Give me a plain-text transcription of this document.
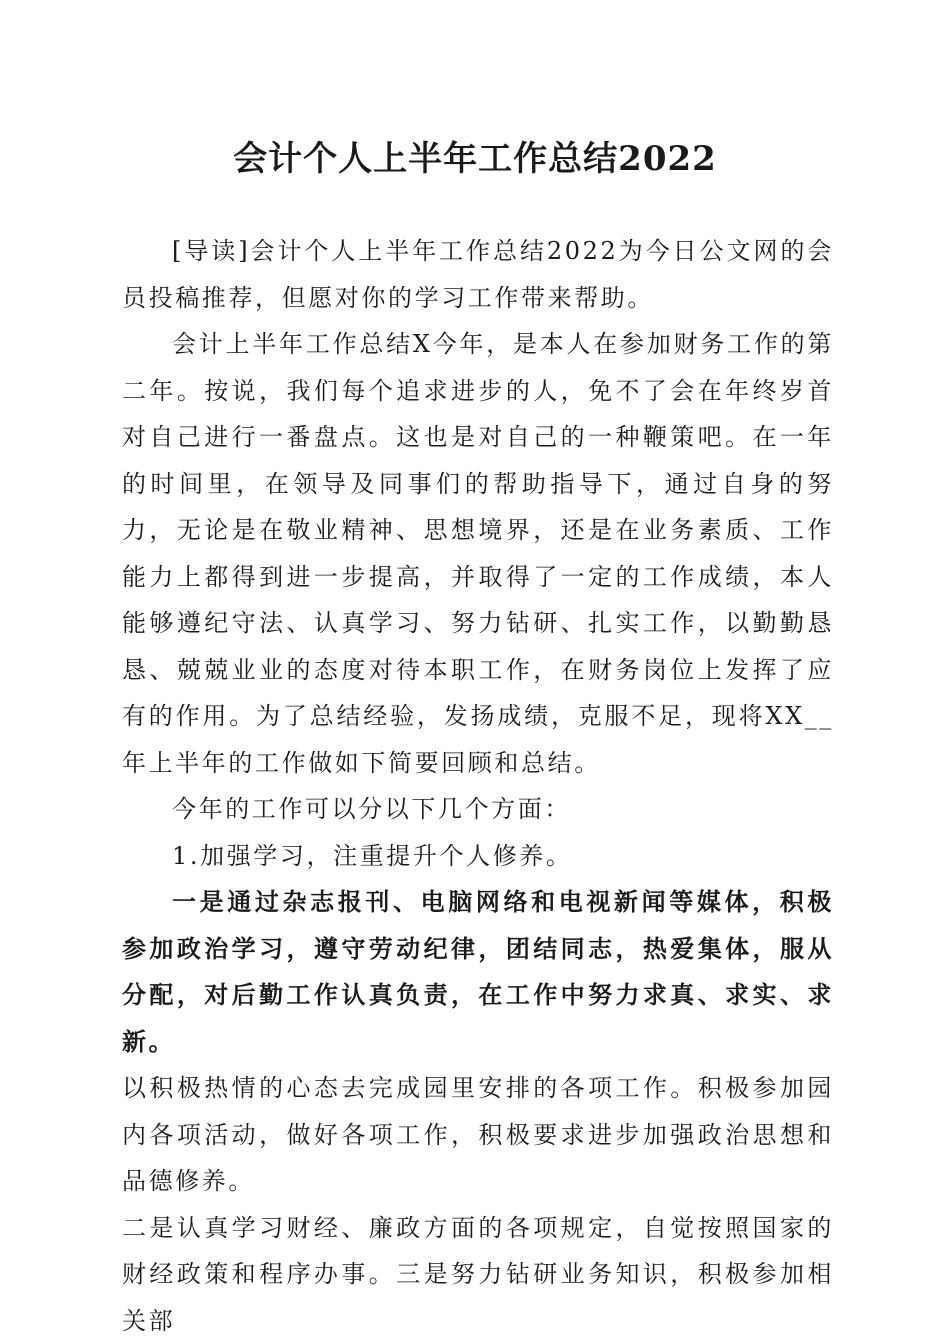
会计个人上半年工作总结2022

[导读]会计个人上半年工作总结2022为今日公文网的会员投稿推荐，但愿对你的学习工作带来帮助。

会计上半年工作总结X今年，是本人在参加财务工作的第二年。按说，我们每个追求进步的人，免不了会在年终岁首对自己进行一番盘点。这也是对自己的一种鞭策吧。在一年的时间里，在领导及同事们的帮助指导下，通过自身的努力，无论是在敬业精神、思想境界，还是在业务素质、工作能力上都得到进一步提高，并取得了一定的工作成绩，本人能够遵纪守法、认真学习、努力钻研、扎实工作，以勤勤恳恳、兢兢业业的态度对待本职工作，在财务岗位上发挥了应有的作用。为了总结经验，发扬成绩，克服不足，现将XX__年上半年的工作做如下简要回顾和总结。

今年的工作可以分以下几个方面：

1.加强学习，注重提升个人修养。

一是通过杂志报刊、电脑网络和电视新闻等媒体，积极参加政治学习，遵守劳动纪律，团结同志，热爱集体，服从分配，对后勤工作认真负责，在工作中努力求真、求实、求新。

以积极热情的心态去完成园里安排的各项工作。积极参加园内各项活动，做好各项工作，积极要求进步加强政治思想和品德修养。

二是认真学习财经、廉政方面的各项规定，自觉按照国家的财经政策和程序办事。三是努力钻研业务知识，积极参加相关部
